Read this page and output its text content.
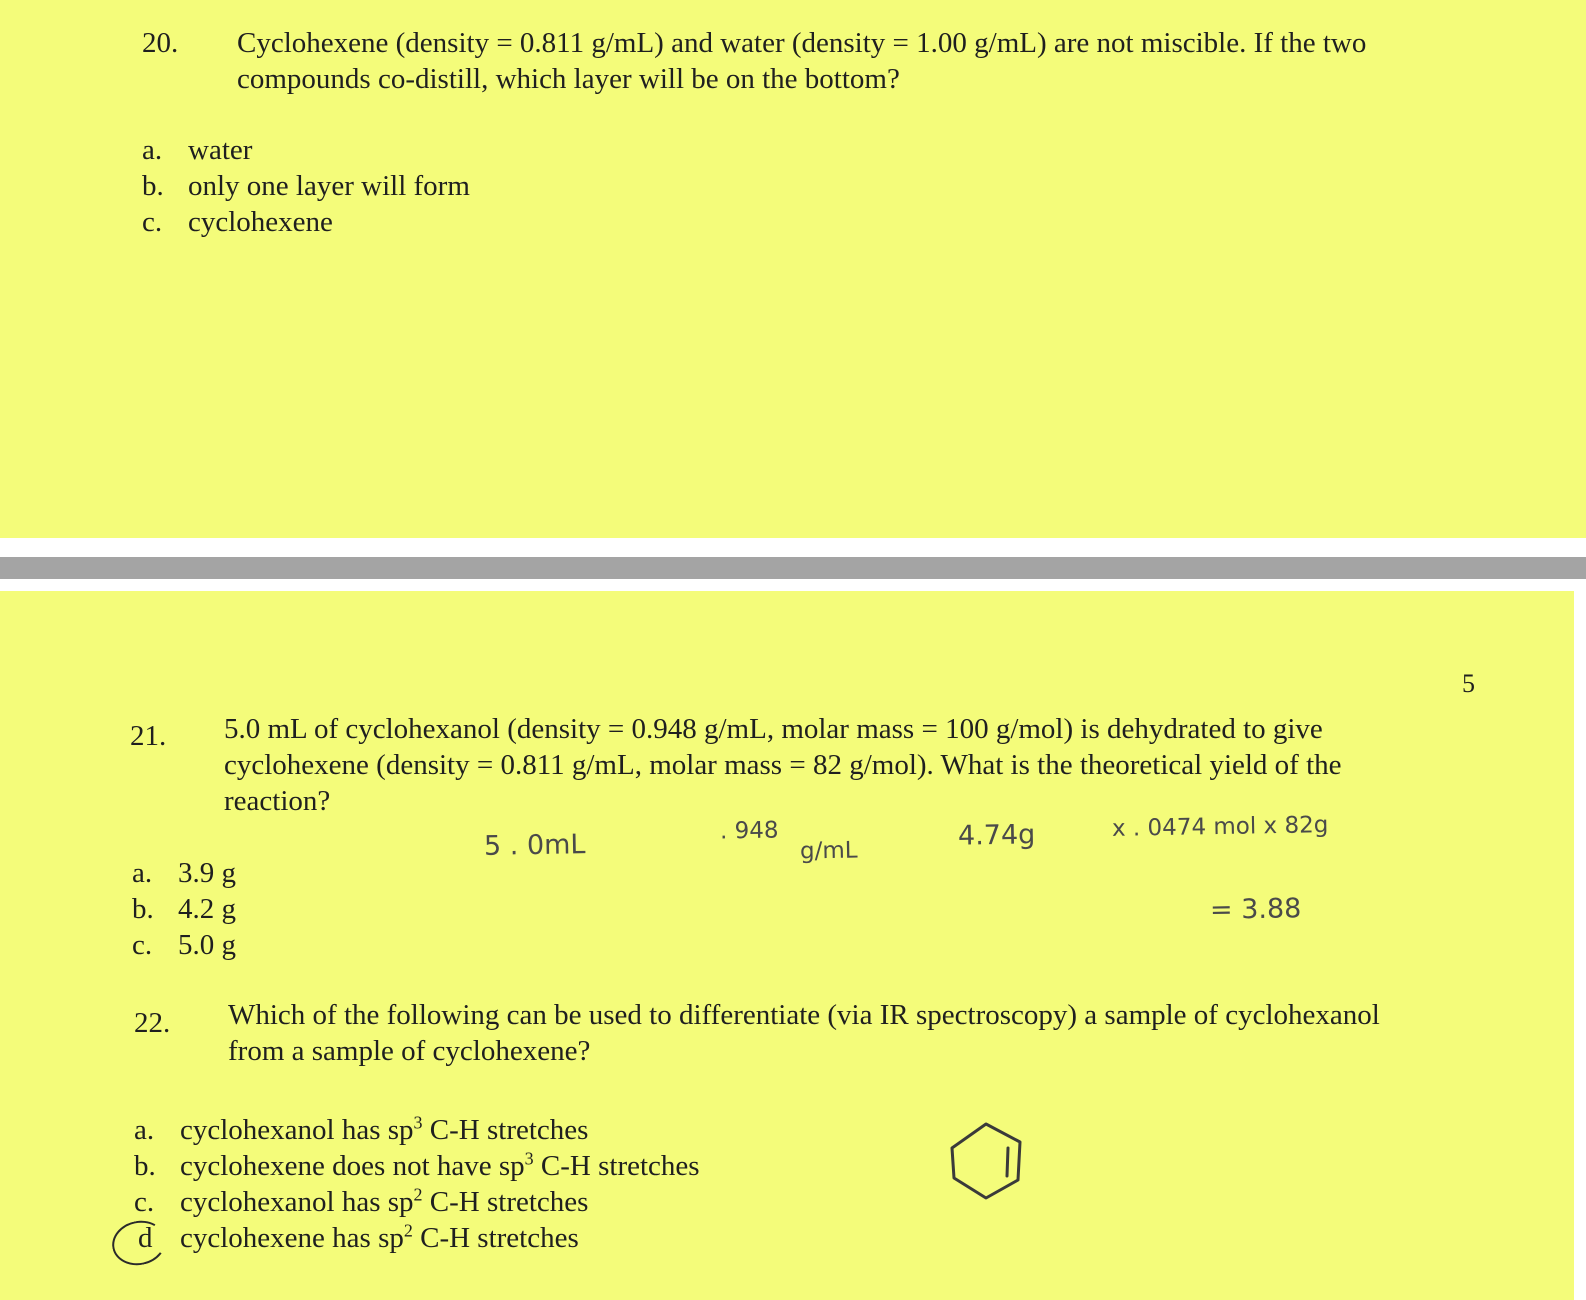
20. Cyclohexene (density = 0.811 g/mL) and water (density = 1.00 g/mL) are not miscible. If the two
compounds co-distill, which layer will be on the bottom?
a. water
b. only one layer will form
c. cyclohexene
5
21. 5.0 mL of cyclohexanol (density = 0.948 g/mL, molar mass = 100 g/mol) is dehydrated to give
cyclohexene (density = 0.811 g/mL, molar mass = 82 g/mol). What is the theoretical yield of the
reaction?
5 . 0mL	. 948
g/mL	4.74g	x . 0474 mol x 82g
= 3.88
a. 3.9 g
b. 4.2 g
c. 5.0 g
22. Which of the following can be used to differentiate (via IR spectroscopy) a sample of cyclohexanol
from a sample of cyclohexene?
a. cyclohexanol has $sp^3$ C-H stretches
b. cyclohexene does not have $sp^3$ C-H stretches
c. cyclohexanol has $sp^2$ C-H stretches
d cyclohexene has $sp^2$ C-H stretches
